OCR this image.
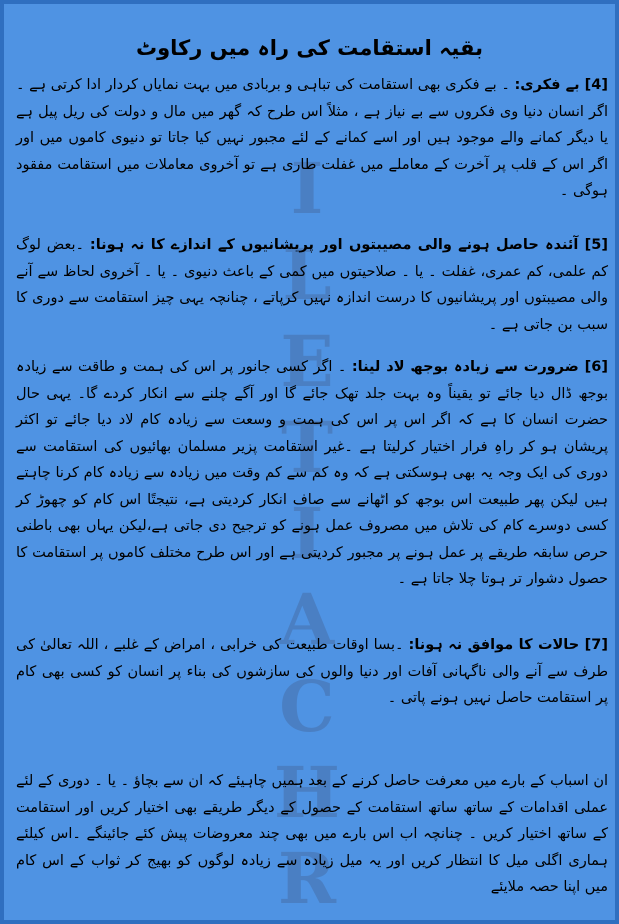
I
L
E
T
I
A
C
H
R
بقیہ استقامت کی راہ میں رکاوٹ

[4] بے فکری: ۔ بے فکری بھی استقامت کی تباہی و بربادی میں بہت نمایاں کردار ادا کرتی ہے ۔ اگر انسان دنیا وی فکروں سے بے نیاز ہے ، مثلاً اس طرح کہ گھر میں مال و دولت کی ریل پیل ہے یا دیگر کمانے والے موجود ہیں اور اسے کمانے کے لئے مجبور نہیں کیا جاتا تو دنیوی کاموں میں اور اگر اس کے قلب پر آخرت کے معاملے میں غفلت طاری ہے تو آخروی معاملات میں استقامت مفقود ہوگی ۔

[5] آئندہ حاصل ہونے والی مصیبتوں اور پریشانیوں کے اندازے کا نہ ہونا: ۔بعض لوگ کم علمی، کم عمری، غفلت ۔ یا ۔ صلاحیتوں میں کمی کے باعث دنیوی ۔ یا ۔ آخروی لحاظ سے آنے والی مصیبتوں اور پریشانیوں کا درست اندازہ نہیں کرپاتے ، چنانچہ یہی چیز استقامت سے دوری کا سبب بن جاتی ہے ۔

[6] ضرورت سے زیادہ بوجھ لاد لینا: ۔ اگر کسی جانور پر اس کی ہمت و طاقت سے زیادہ بوجھ ڈال دیا جائے تو یقیناً وہ بہت جلد تھک جائے گا اور آگے چلنے سے انکار کردے گا۔ یہی حال حضرت انسان کا ہے کہ اگر اس پر اس کی ہمت و وسعت سے زیادہ کام لاد دیا جائے تو اکثر پریشان ہو کر راہِ فرار اختیار کرلیتا ہے ۔غیر استقامت پزیر مسلمان بھائیوں کی استقامت سے دوری کی ایک وجہ یہ بھی ہوسکتی ہے کہ وہ کم سے کم وقت میں زیادہ سے زیادہ کام کرنا چاہتے ہیں لیکن پھر طبیعت اس بوجھ کو اٹھانے سے صاف انکار کردیتی ہے، نتیجتًا اس کام کو چھوڑ کر کسی دوسرے کام کی تلاش میں مصروف عمل ہونے کو ترجیح دی جاتی ہے،لیکن یہاں بھی باطنی حرص سابقہ طریقے پر عمل ہونے پر مجبور کردیتی ہے اور اس طرح مختلف کاموں پر استقامت کا حصول دشوار تر ہوتا چلا جاتا ہے ۔

[7] حالات کا موافق نہ ہونا: ۔بسا اوقات طبیعت کی خرابی ، امراض کے غلبے ، اللہ تعالیٰ کی طرف سے آنے والی ناگہانی آفات اور دنیا والوں کی سازشوں کی بناء پر انسان کو کسی بھی کام پر استقامت حاصل نہیں ہونے پاتی ۔

ان اسباب کے بارے میں معرفت حاصل کرنے کے بعد ہمیں چاہیئے کہ ان سے بچاؤ ۔ یا ۔ دوری کے لئے عملی اقدامات کے ساتھ ساتھ استقامت کے حصول کے دیگر طریقے بھی اختیار کریں اور استقامت کے ساتھ اختیار کریں ۔ چنانچہ اب اس بارے میں بھی چند معروضات پیش کئے جائینگے ۔اس کیلئے ہماری اگلی میل کا انتظار کریں اور یہ میل زیادہ سے زیادہ لوگوں کو بھیج کر ثواب کے اس کام میں اپنا حصہ ملایئے
